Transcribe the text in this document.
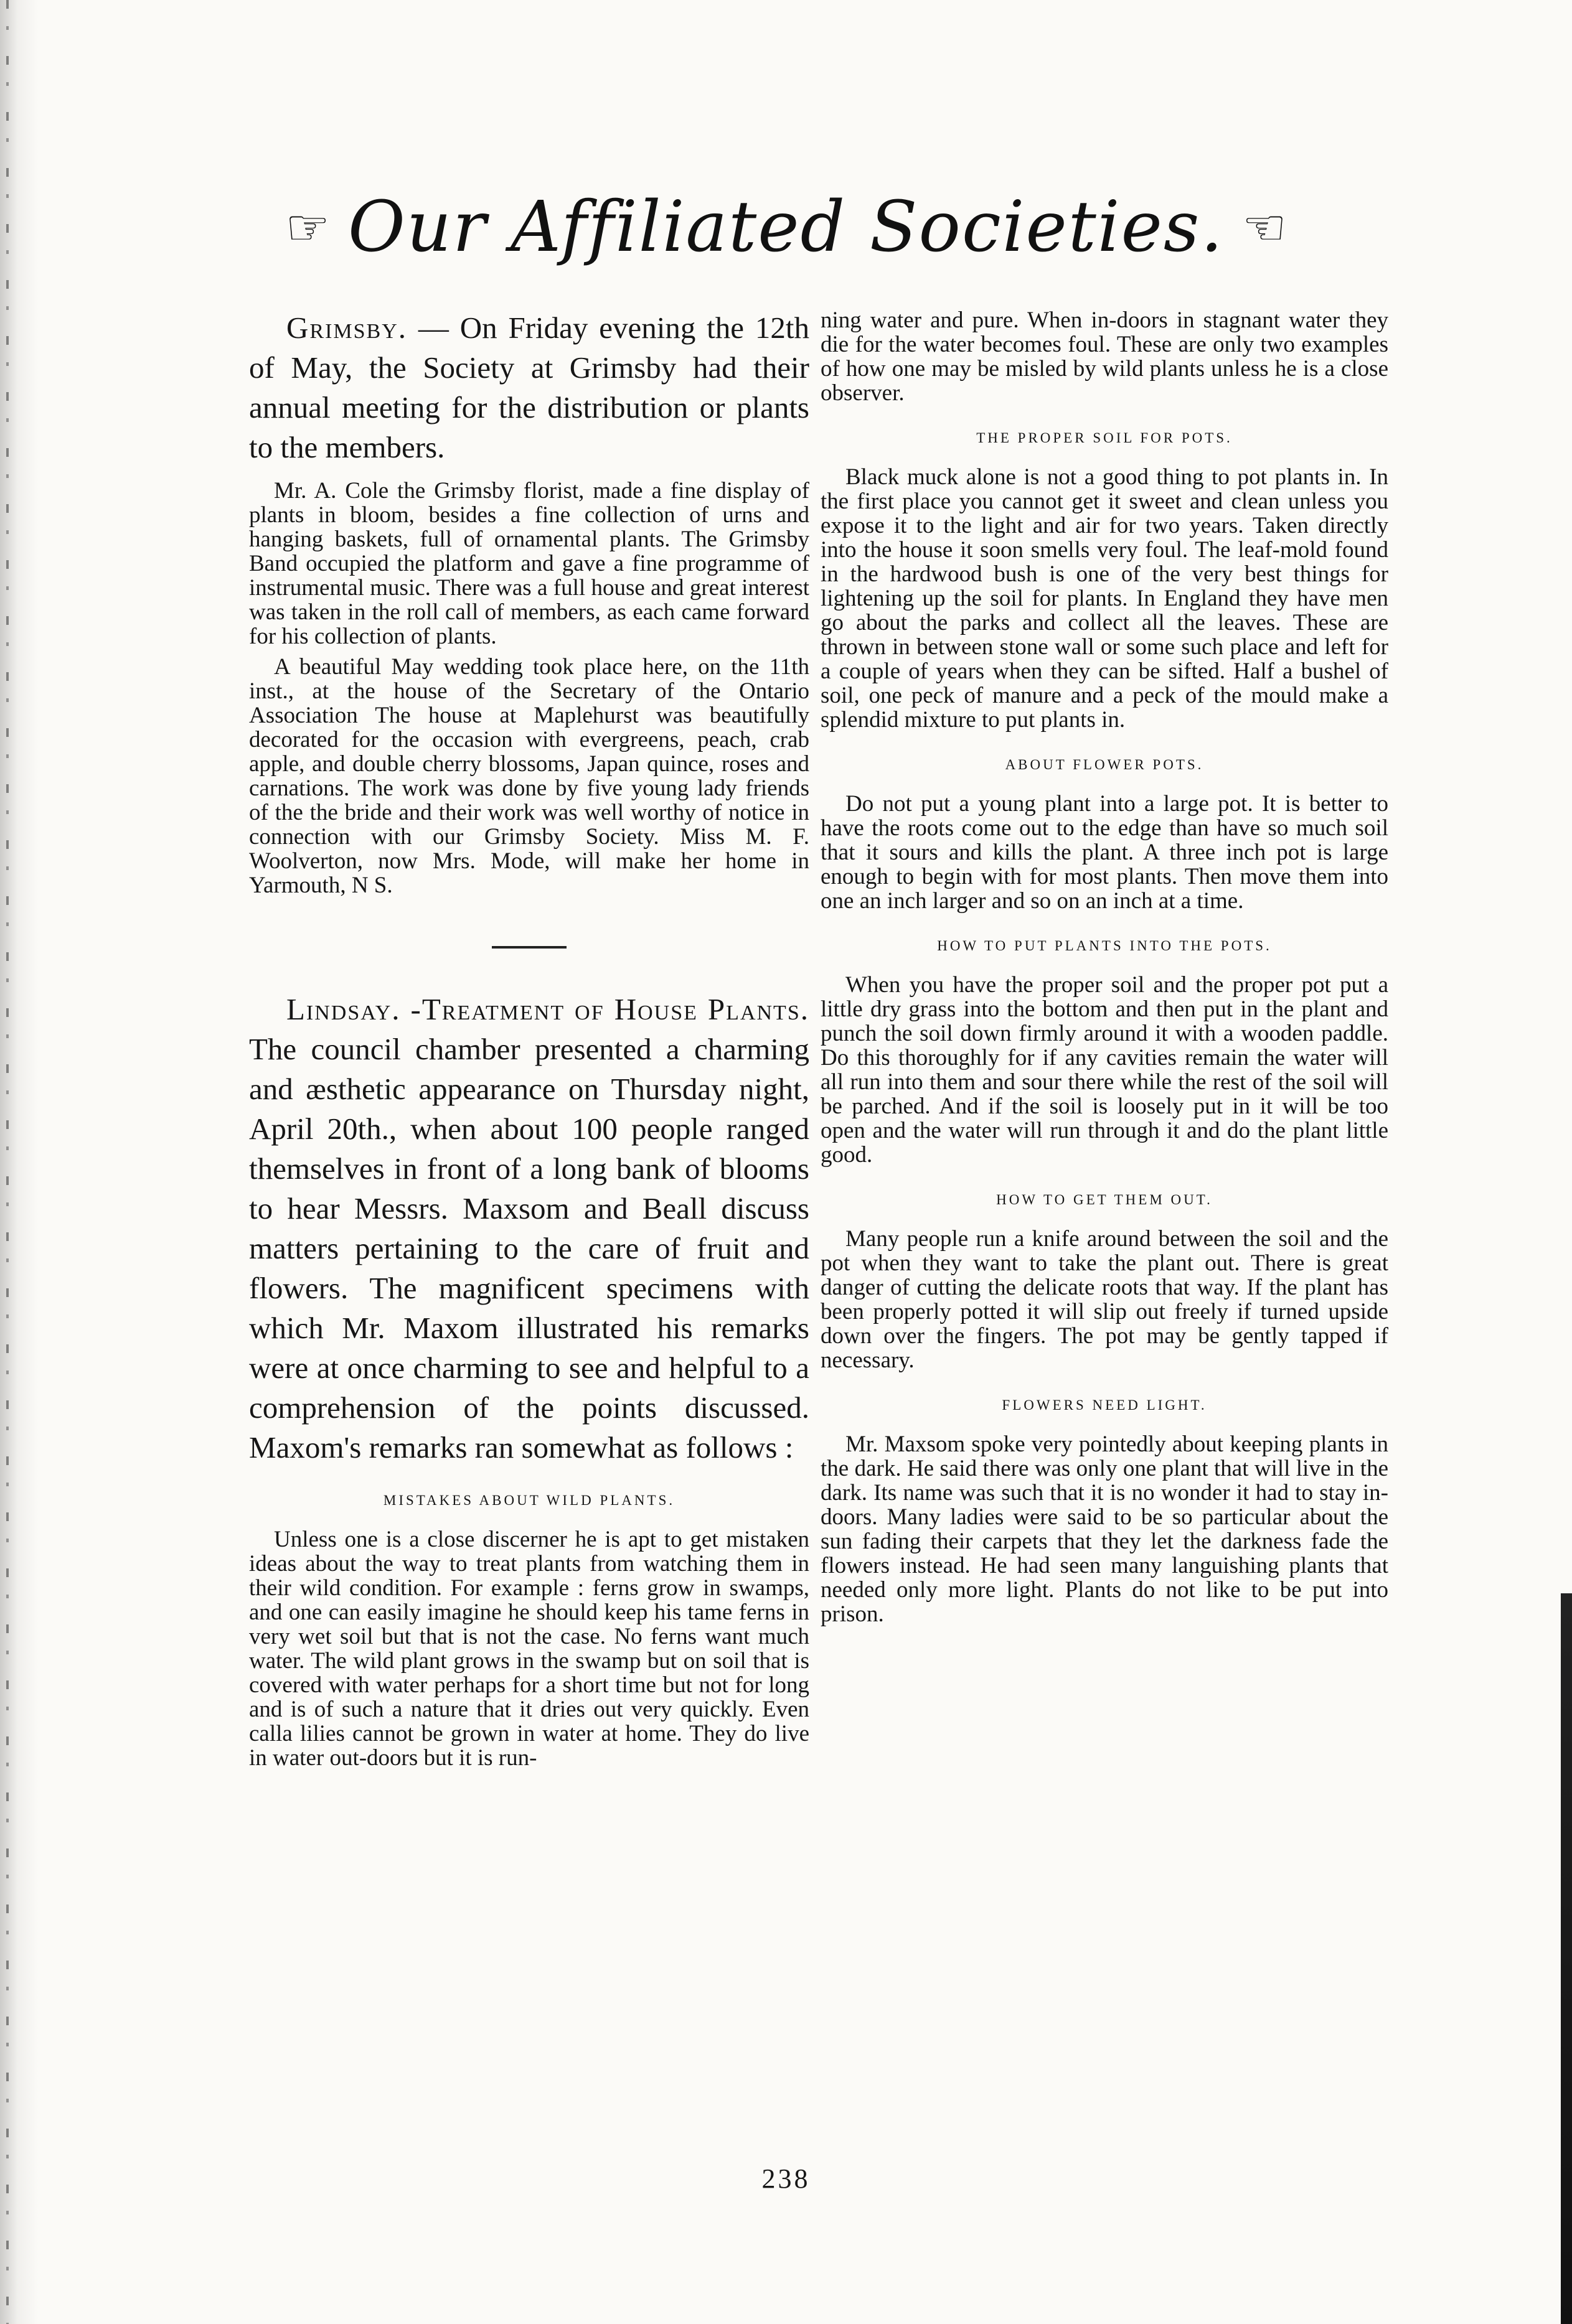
☞ Our Affiliated Societies. ☜

Grimsby. — On Friday evening the 12th of May, the Society at Grimsby had their annual meeting for the distribution or plants to the members.

Mr. A. Cole the Grimsby florist, made a fine display of plants in bloom, besides a fine collection of urns and hanging baskets, full of ornamental plants. The Grimsby Band occupied the platform and gave a fine programme of instrumental music. There was a full house and great interest was taken in the roll call of members, as each came forward for his collection of plants.

A beautiful May wedding took place here, on the 11th inst., at the house of the Secretary of the Ontario Association The house at Maplehurst was beautifully decorated for the occasion with evergreens, peach, crab apple, and double cherry blossoms, Japan quince, roses and carnations. The work was done by five young lady friends of the the bride and their work was well worthy of notice in connection with our Grimsby Society. Miss M. F. Woolverton, now Mrs. Mode, will make her home in Yarmouth, N S.

Lindsay. -Treatment of House Plants. The council chamber presented a charming and æsthetic appearance on Thursday night, April 20th., when about 100 people ranged themselves in front of a long bank of blooms to hear Messrs. Maxsom and Beall discuss matters pertaining to the care of fruit and flowers. The magnificent specimens with which Mr. Maxom illustrated his remarks were at once charming to see and helpful to a comprehension of the points discussed. Maxom's remarks ran somewhat as follows :

MISTAKES ABOUT WILD PLANTS.

Unless one is a close discerner he is apt to get mistaken ideas about the way to treat plants from watching them in their wild condition. For example : ferns grow in swamps, and one can easily imagine he should keep his tame ferns in very wet soil but that is not the case. No ferns want much water. The wild plant grows in the swamp but on soil that is covered with water perhaps for a short time but not for long and is of such a nature that it dries out very quickly. Even calla lilies cannot be grown in water at home. They do live in water out-doors but it is run-

ning water and pure. When in-doors in stagnant water they die for the water becomes foul. These are only two examples of how one may be misled by wild plants unless he is a close observer.

THE PROPER SOIL FOR POTS.

Black muck alone is not a good thing to pot plants in. In the first place you cannot get it sweet and clean unless you expose it to the light and air for two years. Taken directly into the house it soon smells very foul. The leaf-mold found in the hardwood bush is one of the very best things for lightening up the soil for plants. In England they have men go about the parks and collect all the leaves. These are thrown in between stone wall or some such place and left for a couple of years when they can be sifted. Half a bushel of soil, one peck of manure and a peck of the mould make a splendid mixture to put plants in.

ABOUT FLOWER POTS.

Do not put a young plant into a large pot. It is better to have the roots come out to the edge than have so much soil that it sours and kills the plant. A three inch pot is large enough to begin with for most plants. Then move them into one an inch larger and so on an inch at a time.

HOW TO PUT PLANTS INTO THE POTS.

When you have the proper soil and the proper pot put a little dry grass into the bottom and then put in the plant and punch the soil down firmly around it with a wooden paddle. Do this thoroughly for if any cavities remain the water will all run into them and sour there while the rest of the soil will be parched. And if the soil is loosely put in it will be too open and the water will run through it and do the plant little good.

HOW TO GET THEM OUT.

Many people run a knife around between the soil and the pot when they want to take the plant out. There is great danger of cutting the delicate roots that way. If the plant has been properly potted it will slip out freely if turned upside down over the fingers. The pot may be gently tapped if necessary.

FLOWERS NEED LIGHT.

Mr. Maxsom spoke very pointedly about keeping plants in the dark. He said there was only one plant that will live in the dark. Its name was such that it is no wonder it had to stay in-doors. Many ladies were said to be so particular about the sun fading their carpets that they let the darkness fade the flowers instead. He had seen many languishing plants that needed only more light. Plants do not like to be put into prison.

238
